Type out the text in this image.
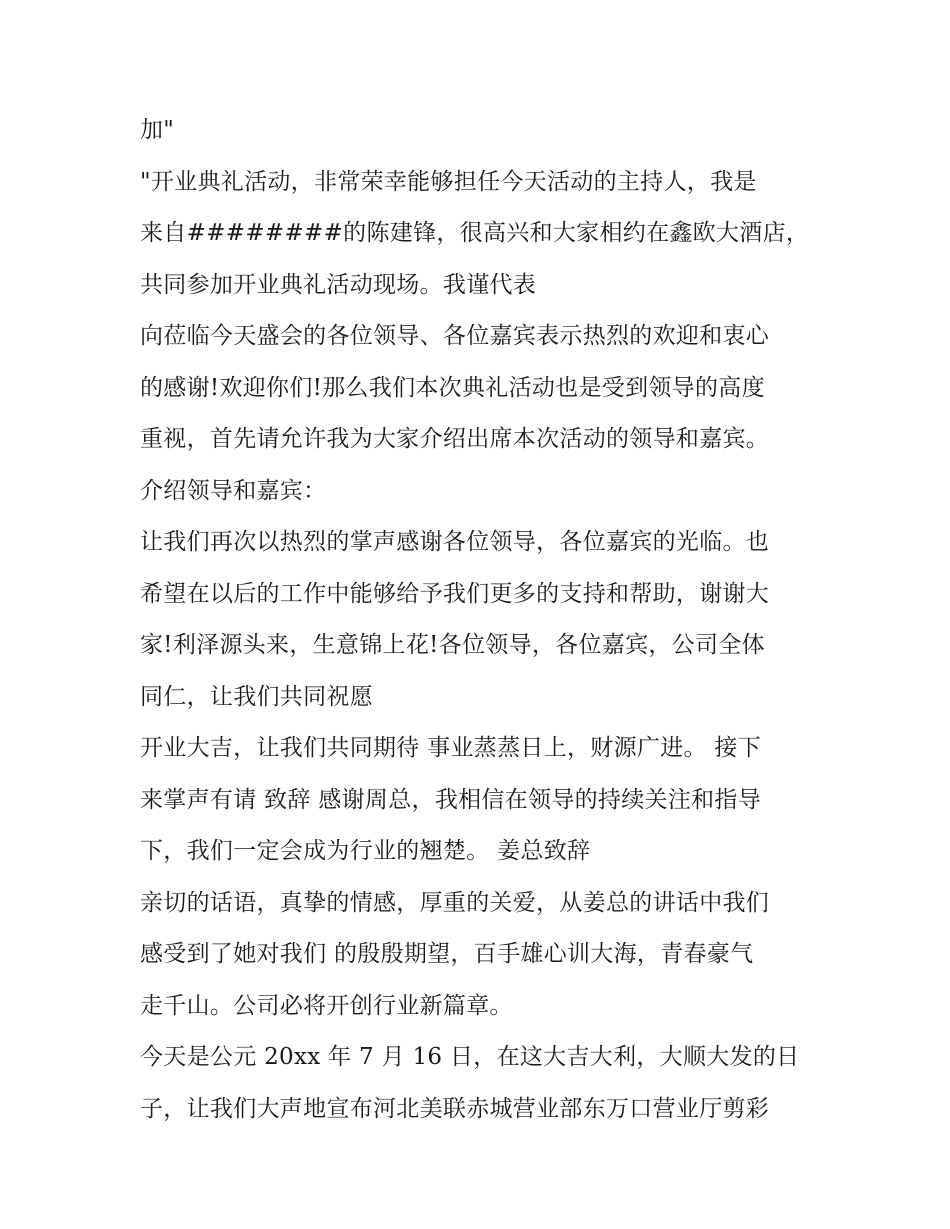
加"
"开业典礼活动，非常荣幸能够担任今天活动的主持人，我是
来自########的陈建锋，很高兴和大家相约在鑫欧大酒店，
共同参加开业典礼活动现场。我谨代表
向莅临今天盛会的各位领导、各位嘉宾表示热烈的欢迎和衷心
的感谢!欢迎你们!那么我们本次典礼活动也是受到领导的高度
重视，首先请允许我为大家介绍出席本次活动的领导和嘉宾。
介绍领导和嘉宾：
让我们再次以热烈的掌声感谢各位领导，各位嘉宾的光临。也
希望在以后的工作中能够给予我们更多的支持和帮助，谢谢大
家!利泽源头来，生意锦上花!各位领导，各位嘉宾，公司全体
同仁，让我们共同祝愿
开业大吉，让我们共同期待 事业蒸蒸日上，财源广进。 接下
来掌声有请 致辞 感谢周总，我相信在领导的持续关注和指导
下，我们一定会成为行业的翘楚。 姜总致辞
亲切的话语，真挚的情感，厚重的关爱，从姜总的讲话中我们
感受到了她对我们 的殷殷期望，百手雄心训大海，青春豪气
走千山。公司必将开创行业新篇章。
今天是公元 20xx 年 7 月 16 日，在这大吉大利，大顺大发的日
子，让我们大声地宣布河北美联赤城营业部东万口营业厅剪彩
